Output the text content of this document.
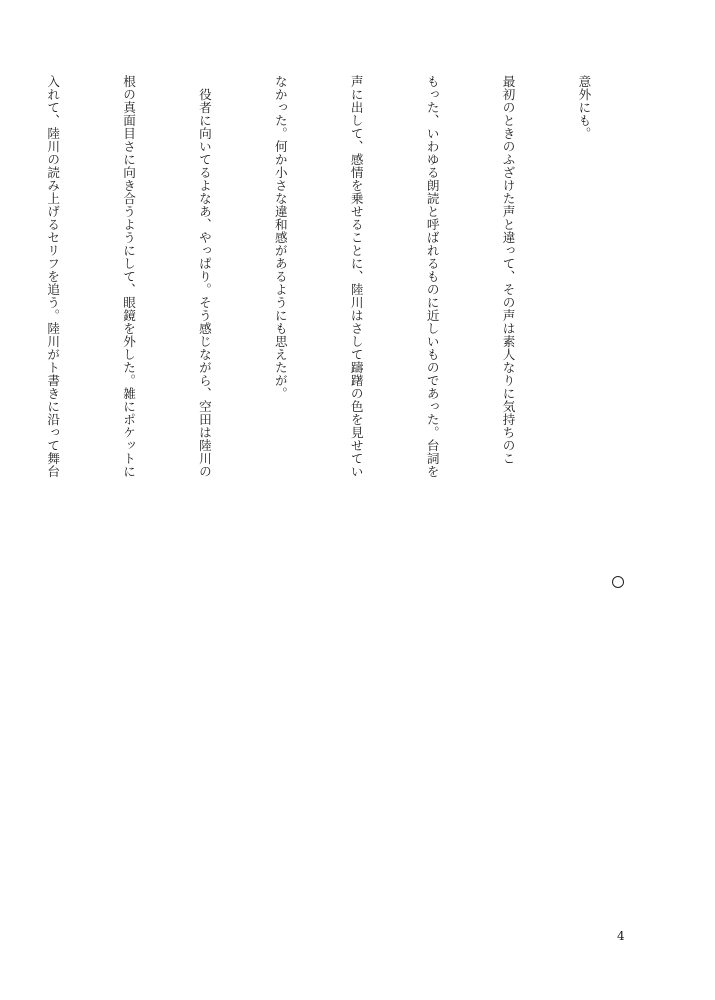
意外にも。

最初のときのふざけた声と違って、その声は素人なりに気持ちのこ

もった、いわゆる朗読と呼ばれるものに近しいものであった。台詞を

声に出して、感情を乗せることに、陸川はさして躊躇の色を見せてい

なかった。何か小さな違和感があるようにも思えたが。

　役者に向いてるよなあ、やっぱり。そう感じながら、空田は陸川の

根の真面目さに向き合うようにして、眼鏡を外した。雑にポケットに

入れて、陸川の読み上げるセリフを追う。陸川がト書きに沿って舞台

4
